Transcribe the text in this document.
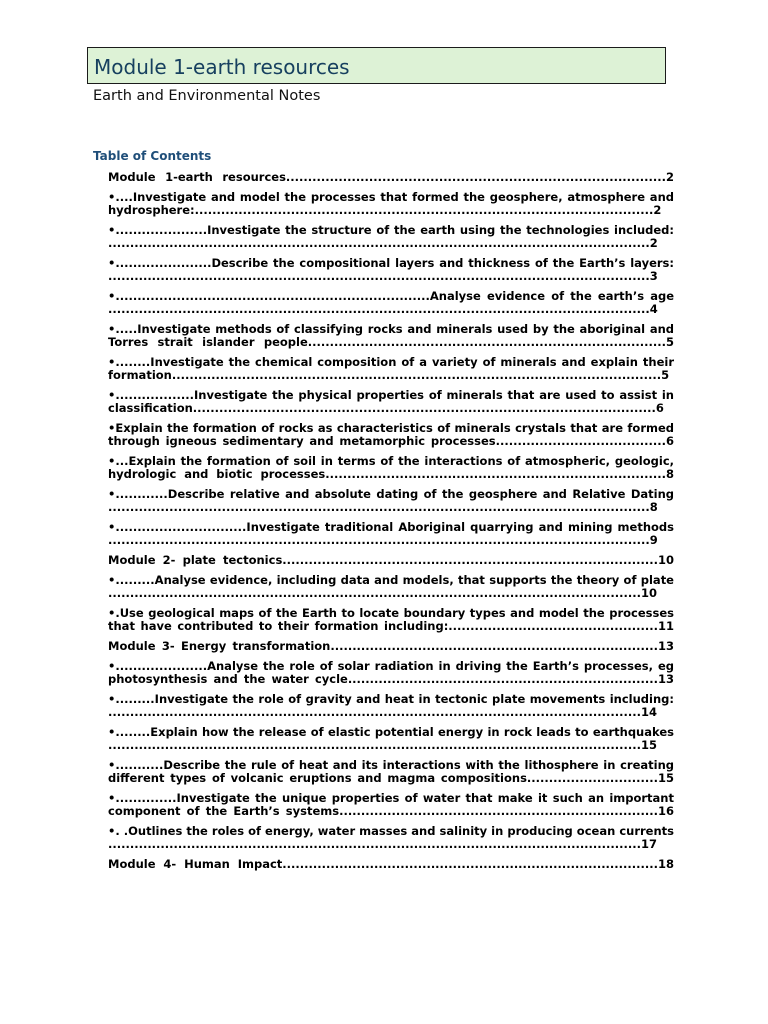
Module 1-earth resources
Earth and Environmental Notes
Table of Contents

Module 1-earth resources.......................................................................................2

•....Investigate and model the processes that formed the geosphere, atmosphere and hydrosphere:.........................................................................................................2

•.....................Investigate the structure of the earth using the technologies included: ............................................................................................................................2

•......................Describe the compositional layers and thickness of the Earth’s layers: ............................................................................................................................3

•........................................................................Analyse evidence of the earth’s age ............................................................................................................................4

•.....Investigate methods of classifying rocks and minerals used by the aboriginal and Torres strait islander people..................................................................................5

•........Investigate the chemical composition of a variety of minerals and explain their formation................................................................................................................5

•..................Investigate the physical properties of minerals that are used to assist in classification..........................................................................................................6

•Explain the formation of rocks as characteristics of minerals crystals that are formed through igneous sedimentary and metamorphic processes.......................................6

•...Explain the formation of soil in terms of the interactions of atmospheric, geologic, hydrologic and biotic processes..............................................................................8

•............Describe relative and absolute dating of the geosphere and Relative Dating ............................................................................................................................8

•..............................Investigate traditional Aboriginal quarrying and mining methods ............................................................................................................................9

Module 2- plate tectonics......................................................................................10

•.........Analyse evidence, including data and models, that supports the theory of plate ..........................................................................................................................10

•.Use geological maps of the Earth to locate boundary types and model the processes that have contributed to their formation including:................................................11

Module 3- Energy transformation...........................................................................13

•.....................Analyse the role of solar radiation in driving the Earth’s processes, eg photosynthesis and the water cycle.......................................................................13

•.........Investigate the role of gravity and heat in tectonic plate movements including: ..........................................................................................................................14

•........Explain how the release of elastic potential energy in rock leads to earthquakes ..........................................................................................................................15

•...........Describe the rule of heat and its interactions with the lithosphere in creating different types of volcanic eruptions and magma compositions..............................15

•..............Investigate the unique properties of water that make it such an important component of the Earth’s systems.........................................................................16

•. .Outlines the roles of energy, water masses and salinity in producing ocean currents ..........................................................................................................................17

Module 4- Human Impact......................................................................................18
